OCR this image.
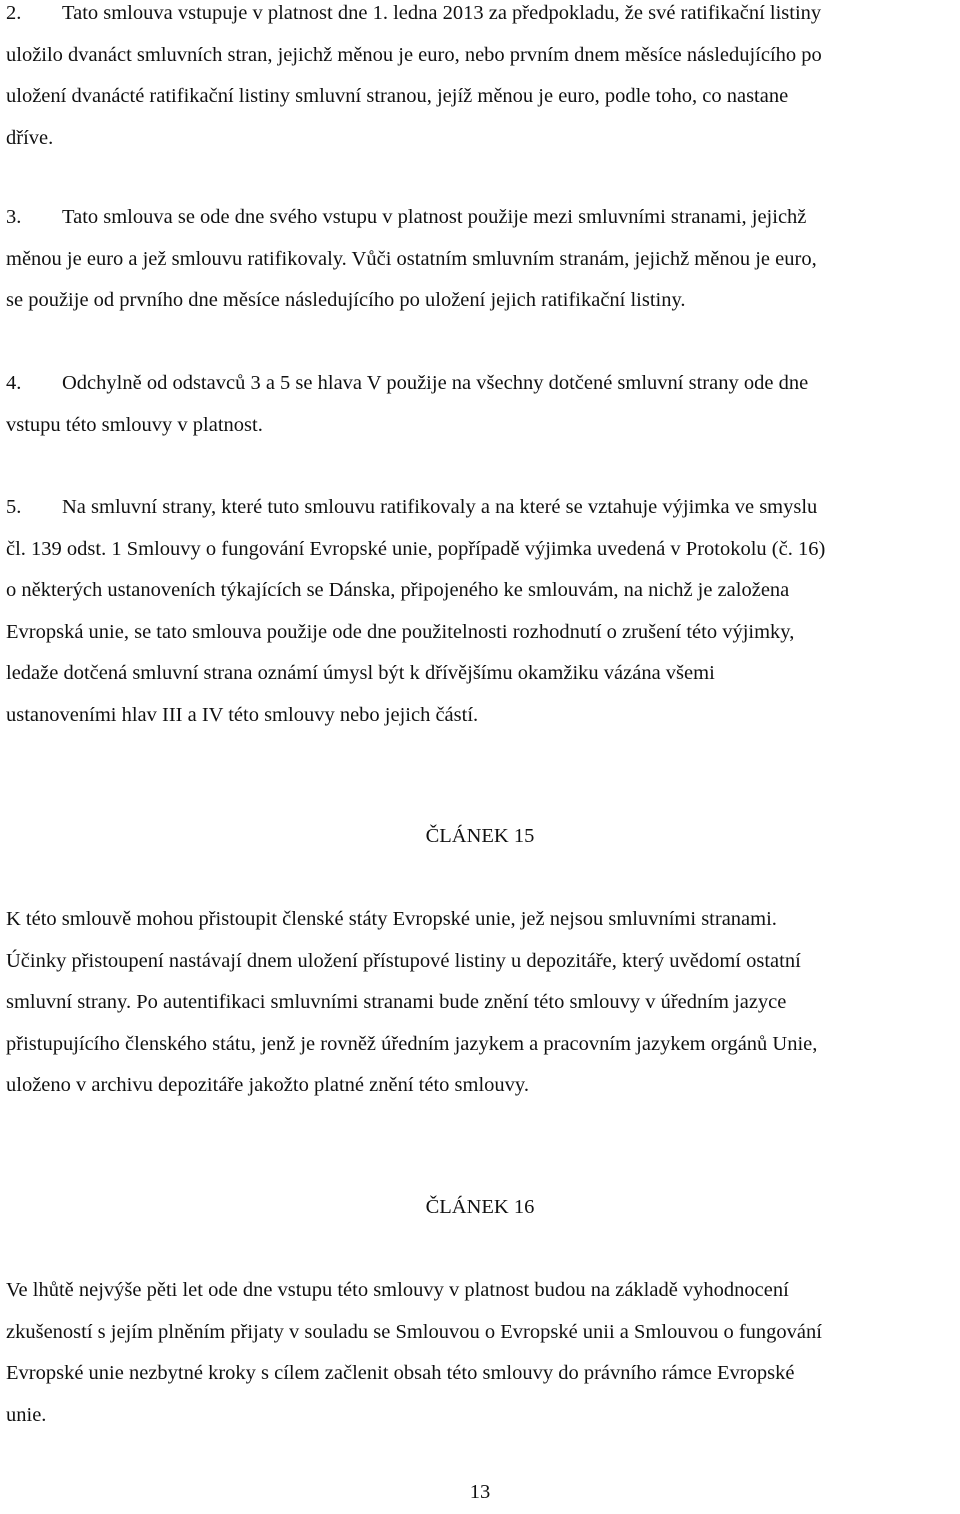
2. Tato smlouva vstupuje v platnost dne 1. ledna 2013 za předpokladu, že své ratifikační listiny
uložilo dvanáct smluvních stran, jejichž měnou je euro, nebo prvním dnem měsíce následujícího po
uložení dvanácté ratifikační listiny smluvní stranou, jejíž měnou je euro, podle toho, co nastane
dříve.
3. Tato smlouva se ode dne svého vstupu v platnost použije mezi smluvními stranami, jejichž
měnou je euro a jež smlouvu ratifikovaly. Vůči ostatním smluvním stranám, jejichž měnou je euro,
se použije od prvního dne měsíce následujícího po uložení jejich ratifikační listiny.
4. Odchylně od odstavců 3 a 5 se hlava V použije na všechny dotčené smluvní strany ode dne
vstupu této smlouvy v platnost.
5. Na smluvní strany, které tuto smlouvu ratifikovaly a na které se vztahuje výjimka ve smyslu
čl. 139 odst. 1 Smlouvy o fungování Evropské unie, popřípadě výjimka uvedená v Protokolu (č. 16)
o některých ustanoveních týkajících se Dánska, připojeného ke smlouvám, na nichž je založena
Evropská unie, se tato smlouva použije ode dne použitelnosti rozhodnutí o zrušení této výjimky,
ledaže dotčená smluvní strana oznámí úmysl být k dřívějšímu okamžiku vázána všemi
ustanoveními hlav III a IV této smlouvy nebo jejich částí.
ČLÁNEK 15
K této smlouvě mohou přistoupit členské státy Evropské unie, jež nejsou smluvními stranami.
Účinky přistoupení nastávají dnem uložení přístupové listiny u depozitáře, který uvědomí ostatní
smluvní strany. Po autentifikaci smluvními stranami bude znění této smlouvy v úředním jazyce
přistupujícího členského státu, jenž je rovněž úředním jazykem a pracovním jazykem orgánů Unie,
uloženo v archivu depozitáře jakožto platné znění této smlouvy.
ČLÁNEK 16
Ve lhůtě nejvýše pěti let ode dne vstupu této smlouvy v platnost budou na základě vyhodnocení
zkušeností s jejím plněním přijaty v souladu se Smlouvou o Evropské unii a Smlouvou o fungování
Evropské unie nezbytné kroky s cílem začlenit obsah této smlouvy do právního rámce Evropské
unie.
13
